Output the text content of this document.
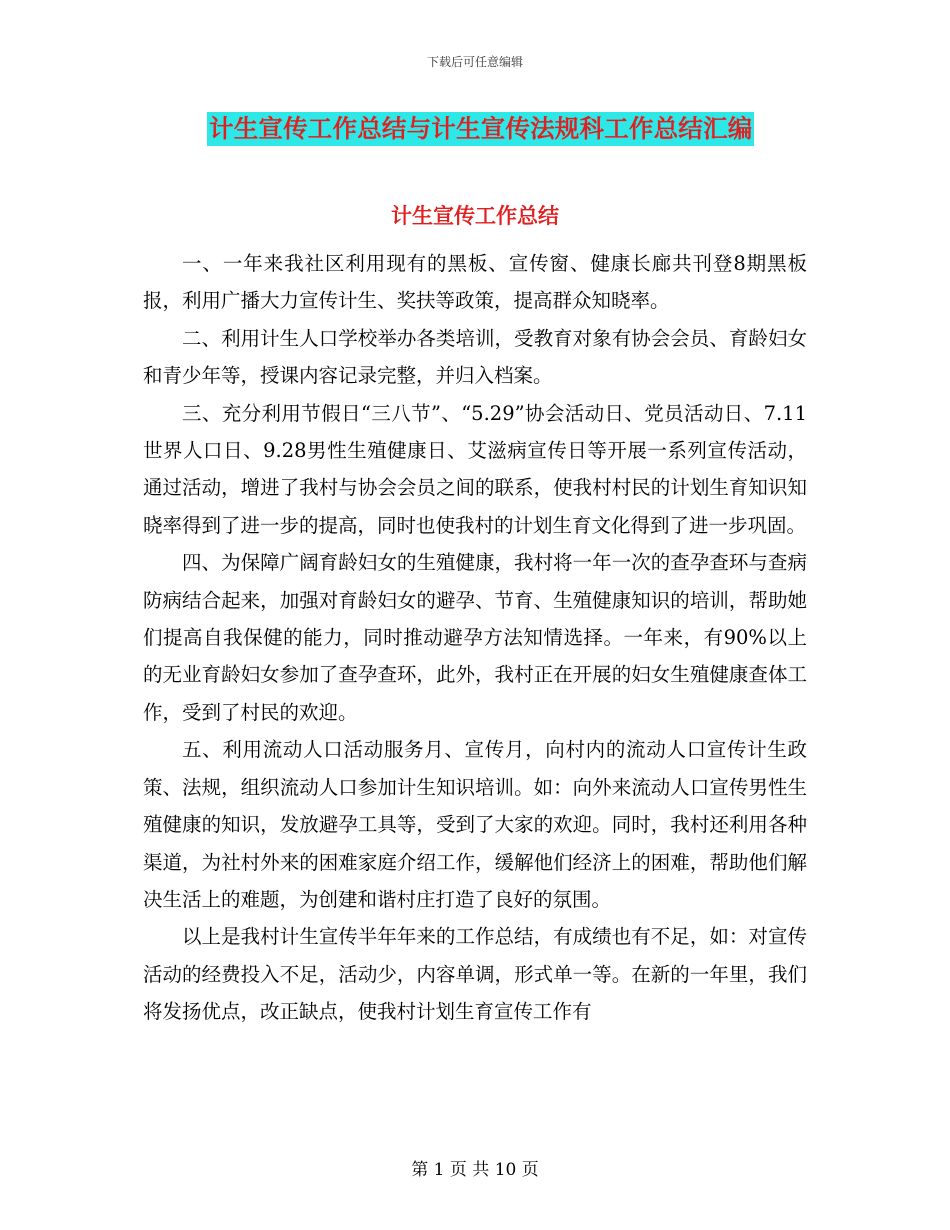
下载后可任意编辑
计生宣传工作总结与计生宣传法规科工作总结汇编
计生宣传工作总结

一、一年来我社区利用现有的黑板、宣传窗、健康长廊共刊登8期黑板报，利用广播大力宣传计生、奖扶等政策，提高群众知晓率。

二、利用计生人口学校举办各类培训，受教育对象有协会会员、育龄妇女和青少年等，授课内容记录完整，并归入档案。

三、充分利用节假日“三八节”、“5.29”协会活动日、党员活动日、7.11世界人口日、9.28男性生殖健康日、艾滋病宣传日等开展一系列宣传活动，通过活动，增进了我村与协会会员之间的联系，使我村村民的计划生育知识知晓率得到了进一步的提高，同时也使我村的计划生育文化得到了进一步巩固。

四、为保障广阔育龄妇女的生殖健康，我村将一年一次的查孕查环与查病防病结合起来，加强对育龄妇女的避孕、节育、生殖健康知识的培训，帮助她们提高自我保健的能力，同时推动避孕方法知情选择。一年来，有90%以上的无业育龄妇女参加了查孕查环，此外，我村正在开展的妇女生殖健康查体工作，受到了村民的欢迎。

五、利用流动人口活动服务月、宣传月，向村内的流动人口宣传计生政策、法规，组织流动人口参加计生知识培训。如：向外来流动人口宣传男性生殖健康的知识，发放避孕工具等，受到了大家的欢迎。同时，我村还利用各种渠道，为社村外来的困难家庭介绍工作，缓解他们经济上的困难，帮助他们解决生活上的难题，为创建和谐村庄打造了良好的氛围。

以上是我村计生宣传半年年来的工作总结，有成绩也有不足，如：对宣传活动的经费投入不足，活动少，内容单调，形式单一等。在新的一年里，我们将发扬优点，改正缺点，使我村计划生育宣传工作有

第 1 页 共 10 页
